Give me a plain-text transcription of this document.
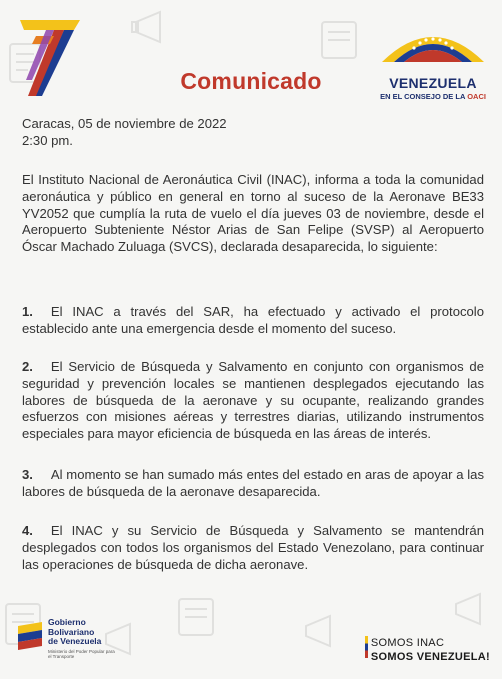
Comunicado	VENEZUELA
EN EL CONSEJO DE LA OACI
Caracas, 05 de noviembre de 2022
2:30 pm.
El Instituto Nacional de Aeronáutica Civil (INAC), informa a toda la comunidad aeronáutica y público en general en torno al suceso de la Aeronave BE33 YV2052 que cumplía la ruta de vuelo el día jueves 03 de noviembre, desde el Aeropuerto Subteniente Néstor Arias de San Felipe (SVSP) al Aeropuerto Óscar Machado Zuluaga (SVCS), declarada desaparecida, lo siguiente:
1. El INAC a través del SAR, ha efectuado y activado el protocolo establecido ante una emergencia desde el momento del suceso.
2. El Servicio de Búsqueda y Salvamento en conjunto con organismos de seguridad y prevención locales se mantienen desplegados ejecutando las labores de búsqueda de la aeronave y su ocupante, realizando grandes esfuerzos con misiones aéreas y terrestres diarias, utilizando instrumentos especiales para mayor eficiencia de búsqueda en las áreas de interés.
3. Al momento se han sumado más entes del estado en aras de apoyar a las labores de búsqueda de la aeronave desaparecida.
4. El INAC y su Servicio de Búsqueda y Salvamento se mantendrán desplegados con todos los organismos del Estado Venezolano, para continuar las operaciones de búsqueda de dicha aeronave.
Gobierno
Bolivariano
de Venezuela
Ministerio del Poder Popular para el Transporte
SOMOS INAC
SOMOS VENEZUELA!
